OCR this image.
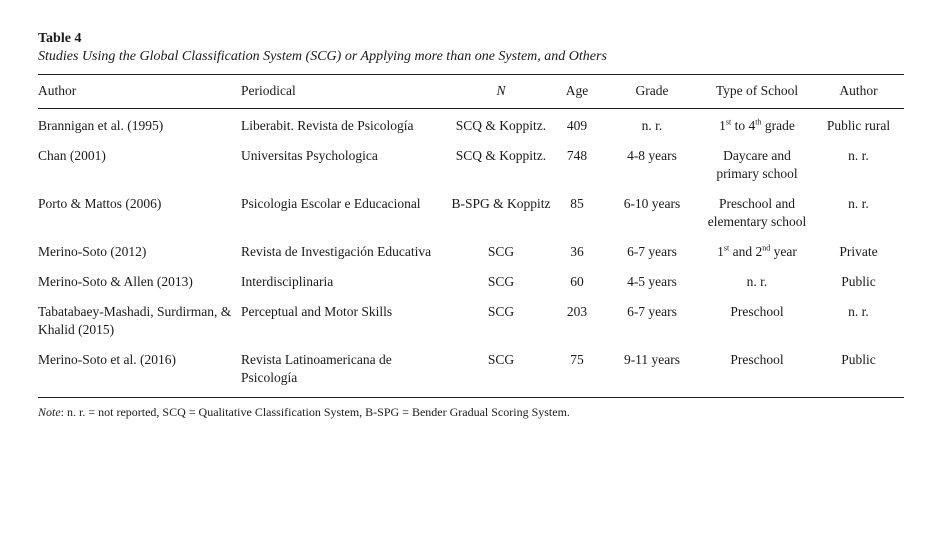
Table 4

Studies Using the Global Classification System (SCG) or Applying more than one System, and Others

Author	Periodical	N	Age	Grade	Type of School	Author
Brannigan et al. (1995)	Liberabit. Revista de Psicología	SCQ & Koppitz.	409	n. r.	1st to 4th grade	Public rural
Chan (2001)	Universitas Psychologica	SCQ & Koppitz.	748	4-8 years	Daycare and primary school	n. r.
Porto & Mattos (2006)	Psicologia Escolar e Educacional	B-SPG & Koppitz	85	6-10 years	Preschool and elementary school	n. r.
Merino-Soto (2012)	Revista de Investigación Educativa	SCG	36	6-7 years	1st and 2nd year	Private
Merino-Soto & Allen (2013)	Interdisciplinaria	SCG	60	4-5 years	n. r.	Public
Tabatabaey-Mashadi, Surdirman, & Khalid (2015)	Perceptual and Motor Skills	SCG	203	6-7 years	Preschool	n. r.
Merino-Soto et al. (2016)	Revista Latinoamericana de Psicología	SCG	75	9-11 years	Preschool	Public

Note: n. r. = not reported, SCQ = Qualitative Classification System, B-SPG = Bender Gradual Scoring System.
